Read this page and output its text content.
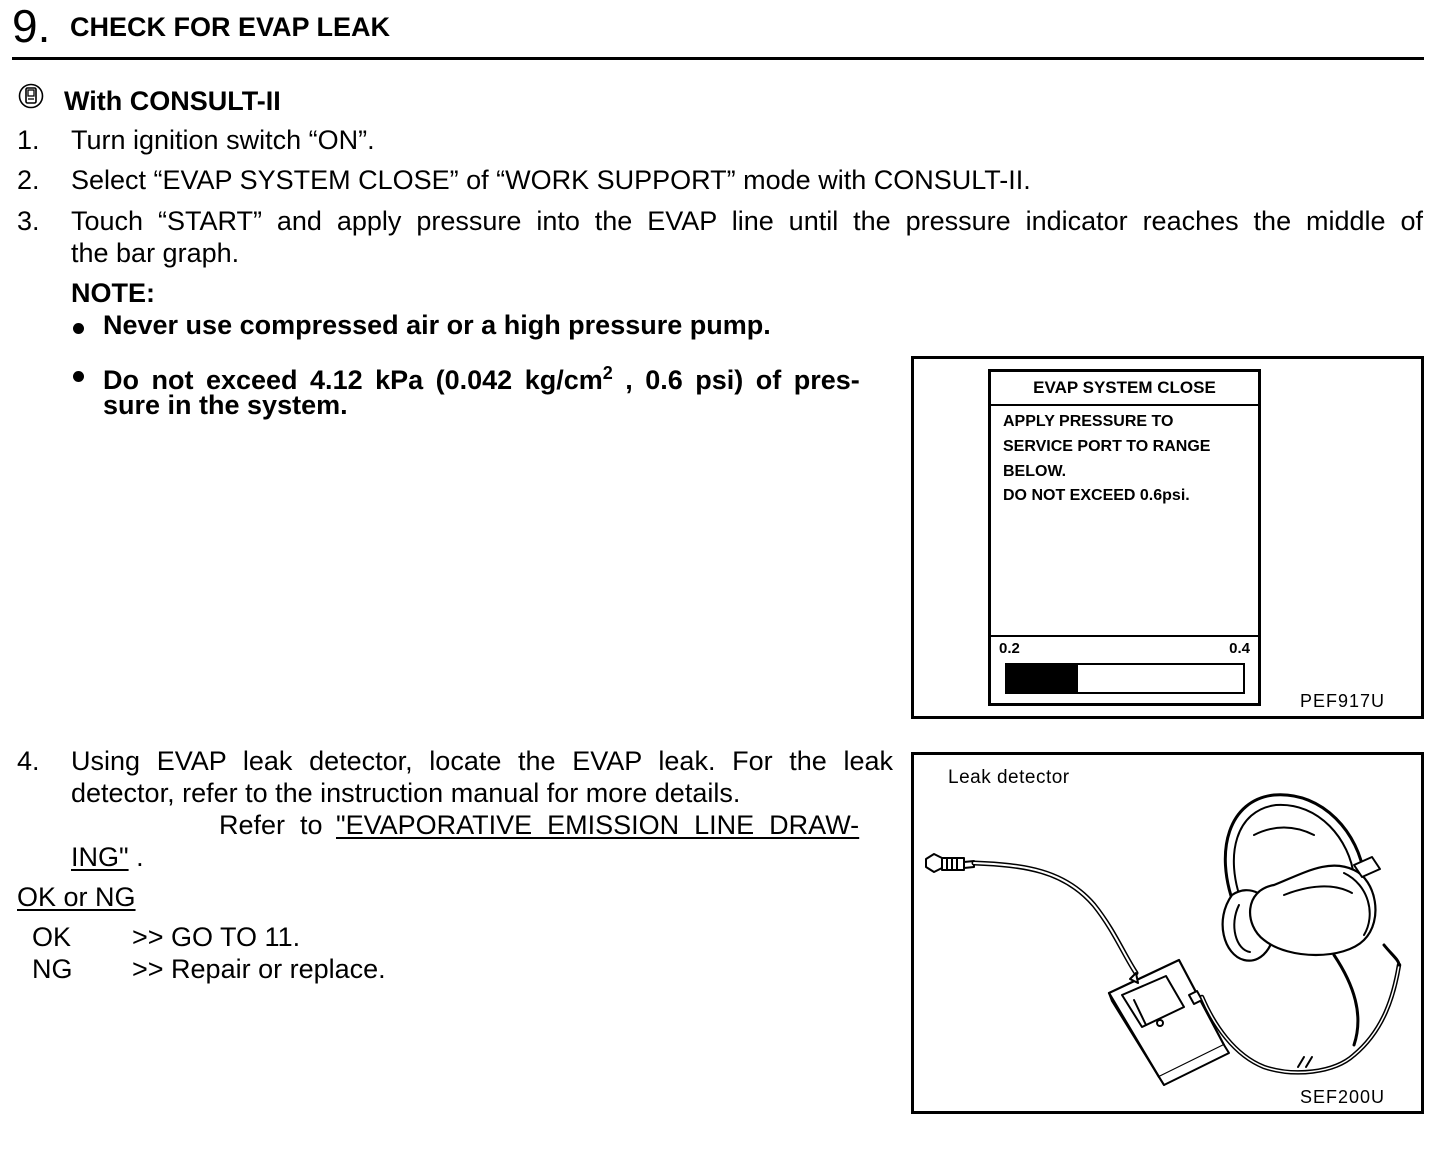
9. CHECK FOR EVAP LEAK
With CONSULT-II
1. Turn ignition switch “ON”.
2. Select “EVAP SYSTEM CLOSE” of “WORK SUPPORT” mode with CONSULT-II.
3. Touch “START” and apply pressure into the EVAP line until the pressure indicator reaches the middle of
the bar graph.
NOTE:
Never use compressed air or a high pressure pump.
Do not exceed 4.12 kPa (0.042 $kg/cm^2$ , 0.6 psi) of pres-
sure in the system.
EVAP SYSTEM CLOSE
APPLY PRESSURE TO
SERVICE PORT TO RANGE
BELOW.
DO NOT EXCEED 0.6psi.
0.2	0.4
PEF917U
4. Using EVAP leak detector, locate the EVAP leak. For the leak
detector, refer to the instruction manual for more details.
Refer  to "EVAPORATIVE  EMISSION  LINE  DRAW-
ING" .
OK or NG
OK >> GO TO 11.
NG >> Repair or replace.
Leak detector
SEF200U
